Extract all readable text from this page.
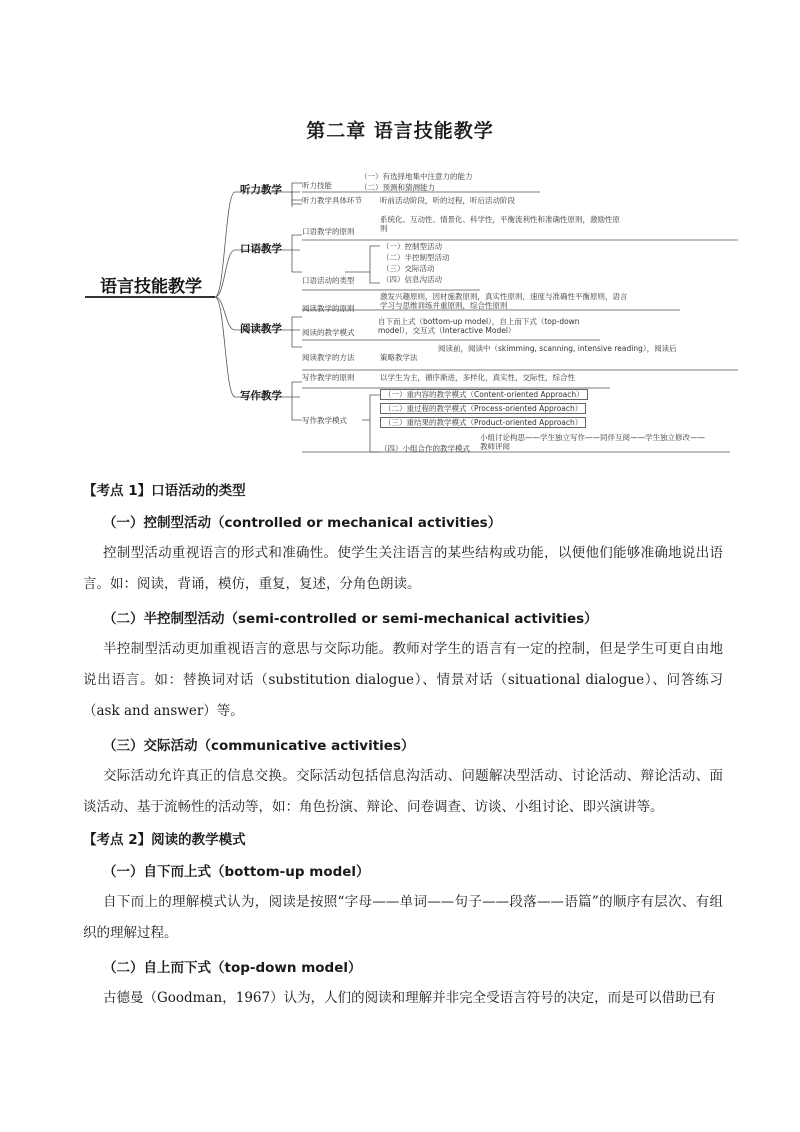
第二章 语言技能教学
语言技能教学
听力教学
口语教学
阅读教学
写作教学
听力技能
（一）有选择地集中注意力的能力
（二）预测和猜测能力
听力教学具体环节 听前活动阶段，听的过程，听后活动阶段
口语教学的原则
系统化、互动性、情景化、科学性，平衡流利性和准确性原则，激励性原则
口语活动的类型
（一）控制型活动
（二）半控制型活动
（三）交际活动
（四）信息沟活动
阅读教学的原则
激发兴趣原则，因材施教原则，真实性原则，速度与准确性平衡原则，语言学习与思维训练并重原则，综合性原则
阅读的教学模式
自下而上式（bottom-up model），自上而下式（top-down model），交互式（Interactive Model）
阅读教学的方法	策略教学法
阅读前，阅读中（skimming, scanning, intensive reading），阅读后
写作教学的原则	以学生为主，循序渐进，多样化，真实性，交际性，综合性
写作教学模式
（一）重内容的教学模式（Content-oriented Approach）
（二）重过程的教学模式（Process-oriented Approach）
（三）重结果的教学模式（Product-oriented Approach）
（四）小组合作的教学模式
小组讨论构思——学生独立写作——同伴互阅——学生独立修改——教师评阅
【考点 1】口语活动的类型
（一）控制型活动（controlled or mechanical activities）

控制型活动重视语言的形式和准确性。使学生关注语言的某些结构或功能，以便他们能够准确地说出语言。如：阅读，背诵，模仿，重复，复述，分角色朗读。

（二）半控制型活动（semi-controlled or semi-mechanical activities）

半控制型活动更加重视语言的意思与交际功能。教师对学生的语言有一定的控制，但是学生可更自由地说出语言。如：替换词对话（substitution dialogue）、情景对话（situational dialogue）、问答练习（ask and answer）等。

（三）交际活动（communicative activities）

交际活动允许真正的信息交换。交际活动包括信息沟活动、问题解决型活动、讨论活动、辩论活动、面谈活动、基于流畅性的活动等，如：角色扮演、辩论、问卷调查、访谈、小组讨论、即兴演讲等。

【考点 2】阅读的教学模式
（一）自下而上式（bottom-up model）

自下而上的理解模式认为，阅读是按照“字母——单词——句子——段落——语篇”的顺序有层次、有组织的理解过程。

（二）自上而下式（top-down model）

古德曼（Goodman，1967）认为，人们的阅读和理解并非完全受语言符号的决定，而是可以借助已有
